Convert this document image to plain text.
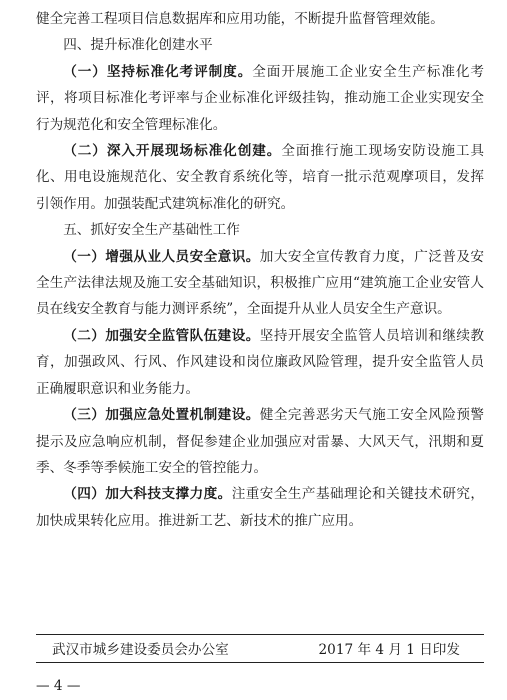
健全完善工程项目信息数据库和应用功能，不断提升监督管理效能。

四、提升标准化创建水平

（一）坚持标准化考评制度。全面开展施工企业安全生产标准化考评，将项目标准化考评率与企业标准化评级挂钩，推动施工企业实现安全行为规范化和安全管理标准化。

（二）深入开展现场标准化创建。全面推行施工现场安防设施工具化、用电设施规范化、安全教育系统化等，培育一批示范观摩项目，发挥引领作用。加强装配式建筑标准化的研究。

五、抓好安全生产基础性工作

（一）增强从业人员安全意识。加大安全宣传教育力度，广泛普及安全生产法律法规及施工安全基础知识，积极推广应用“建筑施工企业安管人员在线安全教育与能力测评系统”，全面提升从业人员安全生产意识。

（二）加强安全监管队伍建设。坚持开展安全监管人员培训和继续教育，加强政风、行风、作风建设和岗位廉政风险管理，提升安全监管人员正确履职意识和业务能力。

（三）加强应急处置机制建设。健全完善恶劣天气施工安全风险预警提示及应急响应机制，督促参建企业加强应对雷暴、大风天气，汛期和夏季、冬季等季候施工安全的管控能力。

（四）加大科技支撑力度。注重安全生产基础理论和关键技术研究，加快成果转化应用。推进新工艺、新技术的推广应用。

武汉市城乡建设委员会办公室	2017 年 4 月 1 日印发
— 4 —
